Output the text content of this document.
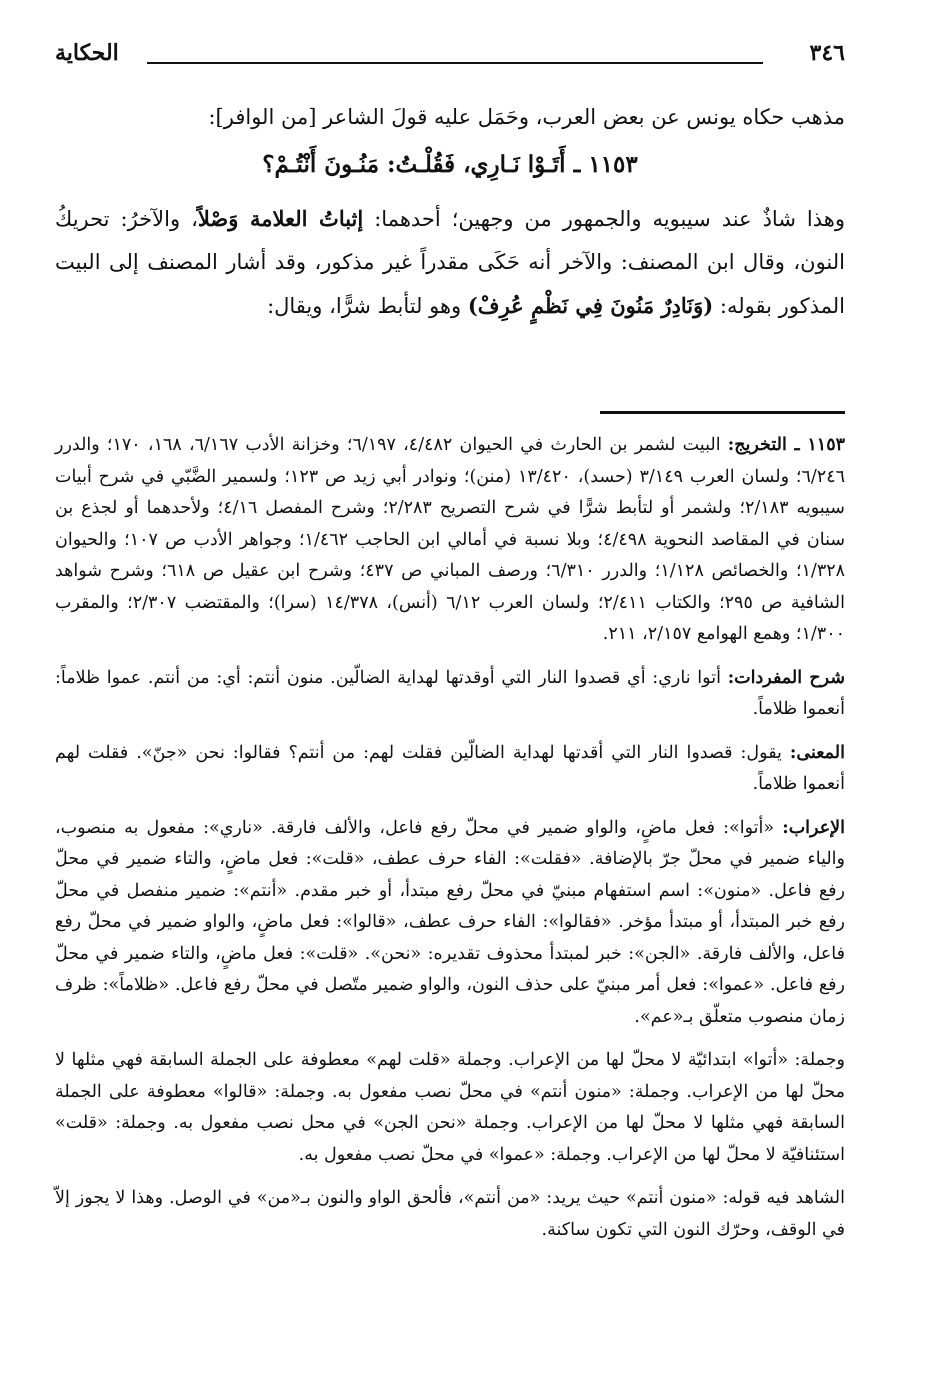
٣٤٦
الحكاية
مذهب حكاه يونس عن بعض العرب، وحَمَل عليه قولَ الشاعر [من الوافر]:
١١٥٣ ـ أَتَـوْا نَـارِي، فَقُلْـتُ: مَنُـونَ أَنْتُـمْ؟
وهذا شاذٌ عند سيبويه والجمهور من وجهين؛ أحدهما: إثباتُ العلامة وَصْلاً، والآخرُ: تحريكُ النون، وقال ابن المصنف: والآخر أنه حَكَى مقدراً غير مذكور، وقد أشار المصنف إلى البيت المذكور بقوله: (وَنَادِرٌ مَنُونَ فِي نَظْمٍ عُرِفْ) وهو لتأبط شرًّا، ويقال:
١١٥٣ ـ التخريج: البيت لشمر بن الحارث في الحيوان ٤/٤٨٢، ٦/١٩٧؛ وخزانة الأدب ٦/١٦٧، ١٦٨، ١٧٠؛ والدرر ٦/٢٤٦؛ ولسان العرب ٣/١٤٩ (حسد)، ١٣/٤٢٠ (منن)؛ ونوادر أبي زيد ص ١٢٣؛ ولسمير الضَّبّي في شرح أبيات سيبويه ٢/١٨٣؛ ولشمر أو لتأبط شرًّا في شرح التصريح ٢/٢٨٣؛ وشرح المفصل ٤/١٦؛ ولأحدهما أو لجذع بن سنان في المقاصد النحوية ٤/٤٩٨؛ وبلا نسبة في أمالي ابن الحاجب ١/٤٦٢؛ وجواهر الأدب ص ١٠٧؛ والحيوان ١/٣٢٨؛ والخصائص ١/١٢٨؛ والدرر ٦/٣١٠؛ ورصف المباني ص ٤٣٧؛ وشرح ابن عقيل ص ٦١٨؛ وشرح شواهد الشافية ص ٢٩٥؛ والكتاب ٢/٤١١؛ ولسان العرب ٦/١٢ (أنس)، ١٤/٣٧٨ (سرا)؛ والمقتضب ٢/٣٠٧؛ والمقرب ١/٣٠٠؛ وهمع الهوامع ٢/١٥٧، ٢١١.
شرح المفردات: أتوا ناري: أي قصدوا النار التي أوقدتها لهداية الضالّين. منون أنتم: أي: من أنتم. عموا ظلاماً: أنعموا ظلاماً.
المعنى: يقول: قصدوا النار التي أقدتها لهداية الضالّين فقلت لهم: من أنتم؟ فقالوا: نحن «جنّ». فقلت لهم أنعموا ظلاماً.
الإعراب: «أتوا»: فعل ماضٍ، والواو ضمير في محلّ رفع فاعل، والألف فارقة. «ناري»: مفعول به منصوب، والياء ضمير في محلّ جرّ بالإضافة. «فقلت»: الفاء حرف عطف، «قلت»: فعل ماضٍ، والتاء ضمير في محلّ رفع فاعل. «منون»: اسم استفهام مبنيّ في محلّ رفع مبتدأ، أو خبر مقدم. «أنتم»: ضمير منفصل في محلّ رفع خبر المبتدأ، أو مبتدأ مؤخر. «فقالوا»: الفاء حرف عطف، «قالوا»: فعل ماضٍ، والواو ضمير في محلّ رفع فاعل، والألف فارقة. «الجن»: خبر لمبتدأ محذوف تقديره: «نحن». «قلت»: فعل ماضٍ، والتاء ضمير في محلّ رفع فاعل. «عموا»: فعل أمر مبنيّ على حذف النون، والواو ضمير متّصل في محلّ رفع فاعل. «ظلاماً»: ظرف زمان منصوب متعلّق بـ«عم».
وجملة: «أتوا» ابتدائيّة لا محلّ لها من الإعراب. وجملة «قلت لهم» معطوفة على الجملة السابقة فهي مثلها لا محلّ لها من الإعراب. وجملة: «منون أنتم» في محلّ نصب مفعول به. وجملة: «قالوا» معطوفة على الجملة السابقة فهي مثلها لا محلّ لها من الإعراب. وجملة «نحن الجن» في محل نصب مفعول به. وجملة: «قلت» استئنافيّة لا محلّ لها من الإعراب. وجملة: «عموا» في محلّ نصب مفعول به.
الشاهد فيه قوله: «منون أنتم» حيث يريد: «من أنتم»، فألحق الواو والنون بـ«من» في الوصل. وهذا لا يجوز إلاّ في الوقف، وحرّك النون التي تكون ساكنة.
